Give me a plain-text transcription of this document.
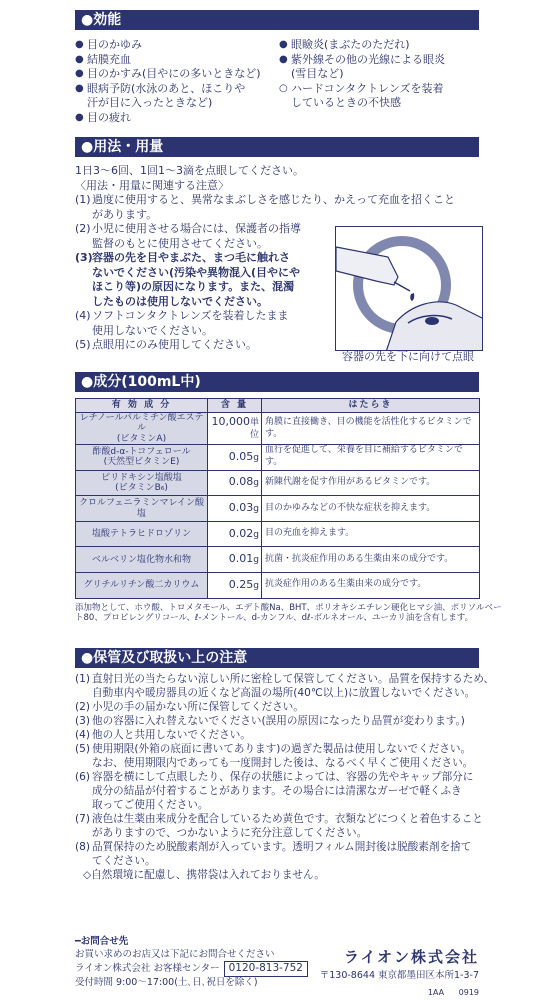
●効能
● 目のかゆみ
● 結膜充血
● 目のかすみ(目やにの多いときなど)
● 眼病予防(水泳のあと、ほこりや
汗が目に入ったときなど)
● 目の疲れ
● 眼瞼炎(まぶたのただれ)
● 紫外線その他の光線による眼炎
(雪目など)
○ ハードコンタクトレンズを装着
しているときの不快感
●用法・用量
1日3～6回、1回1～3滴を点眼してください。
〈用法・用量に関連する注意〉
(1) 過度に使用すると、異常なまぶしさを感じたり、かえって充血を招くこと
があります。
(2) 小児に使用させる場合には、保護者の指導
監督のもとに使用させてください。
(3) 容器の先を目やまぶた、まつ毛に触れさ
ないでください(汚染や異物混入(目やにや
ほこり等)の原因になります。また、混濁
したものは使用しないでください。
(4) ソフトコンタクトレンズを装着したまま
使用しないでください。
(5) 点眼用にのみ使用してください。
容器の先を下に向けて点眼
●成分(100mL中)
有 効 成 分	含 量	はたらき

レチノールパルミチン酸エステル
(ビタミンA)	10,000単位	角膜に直接働き、目の機能を活性化するビタミンです。

酢酸d-α-トコフェロール
(天然型ビタミンE)	0.05g	血行を促進して、栄養を目に補給するビタミンです。

ピリドキシン塩酸塩
(ビタミンB₆)	0.08g	新陳代謝を促す作用があるビタミンです。

クロルフェニラミンマレイン酸塩	0.03g	目のかゆみなどの不快な症状を抑えます。

塩酸テトラヒドロゾリン	0.02g	目の充血を抑えます。

ベルベリン塩化物水和物	0.01g	抗菌・抗炎症作用のある生薬由来の成分です。

グリチルリチン酸二カリウム	0.25g	抗炎症作用のある生薬由来の成分です。
添加物として、ホウ酸、トロメタモール、エデト酸Na、BHT、ポリオキシエチレン硬化ヒマシ油、ポリソルベー
ト80、プロピレングリコール、ℓ-メントール、d-カンフル、dℓ-ボルネオール、ユーカリ油を含有します。
●保管及び取扱い上の注意
(1) 直射日光の当たらない涼しい所に密栓して保管してください。品質を保持するため、
自動車内や暖房器具の近くなど高温の場所(40℃以上)に放置しないでください。
(2) 小児の手の届かない所に保管してください。
(3) 他の容器に入れ替えないでください(誤用の原因になったり品質が変わります。)
(4) 他の人と共用しないでください。
(5) 使用期限(外箱の底面に書いてあります)の過ぎた製品は使用しないでください。
なお、使用期限内であっても一度開封した後は、なるべく早くご使用ください。
(6) 容器を横にして点眼したり、保存の状態によっては、容器の先やキャップ部分に
成分の結晶が付着することがあります。その場合には清潔なガーゼで軽くふき
取ってご使用ください。
(7) 液色は生薬由来成分を配合しているため黄色です。衣類などにつくと着色すること
がありますので、つかないように充分注意してください。
(8) 品質保持のため脱酸素剤が入っています。透明フィルム開封後は脱酸素剤を捨て
てください。
◇自然環境に配慮し、携帯袋は入れておりません。
━お問合せ先
お買い求めのお店又は下記にお問合せください
ライオン株式会社 お客様センター 0120-813-752
受付時間 9:00～17:00(土､日､祝日を除く)
ライオン株式会社
〒130-8644 東京都墨田区本所1-3-7
1AA 0919
